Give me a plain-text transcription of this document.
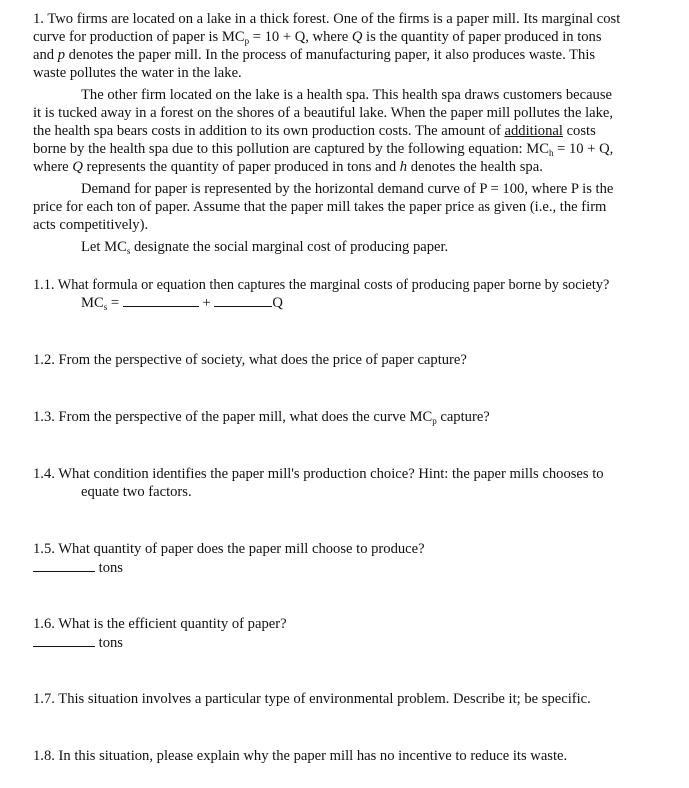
1. Two firms are located on a lake in a thick forest. One of the firms is a paper mill. Its marginal cost
curve for production of paper is $MC_p = 10 + Q$, where Q is the quantity of paper produced in tons
and p denotes the paper mill. In the process of manufacturing paper, it also produces waste. This
waste pollutes the water in the lake.
The other firm located on the lake is a health spa. This health spa draws customers because
it is tucked away in a forest on the shores of a beautiful lake. When the paper mill pollutes the lake,
the health spa bears costs in addition to its own production costs. The amount of additional costs
borne by the health spa due to this pollution are captured by the following equation: $MC_h = 10 + Q$,
where Q represents the quantity of paper produced in tons and h denotes the health spa.
Demand for paper is represented by the horizontal demand curve of P = 100, where P is the
price for each ton of paper. Assume that the paper mill takes the paper price as given (i.e., the firm
acts competitively).
Let $MC_s$ designate the social marginal cost of producing paper.
1.1. What formula or equation then captures the marginal costs of producing paper borne by society?
$MC_s$ =	+	Q
1.2. From the perspective of society, what does the price of paper capture?
1.3. From the perspective of the paper mill, what does the curve $MC_p$ capture?
1.4. What condition identifies the paper mill's production choice? Hint: the paper mills chooses to
equate two factors.
1.5. What quantity of paper does the paper mill choose to produce?
tons
1.6. What is the efficient quantity of paper?
tons
1.7. This situation involves a particular type of environmental problem. Describe it; be specific.
1.8. In this situation, please explain why the paper mill has no incentive to reduce its waste.
